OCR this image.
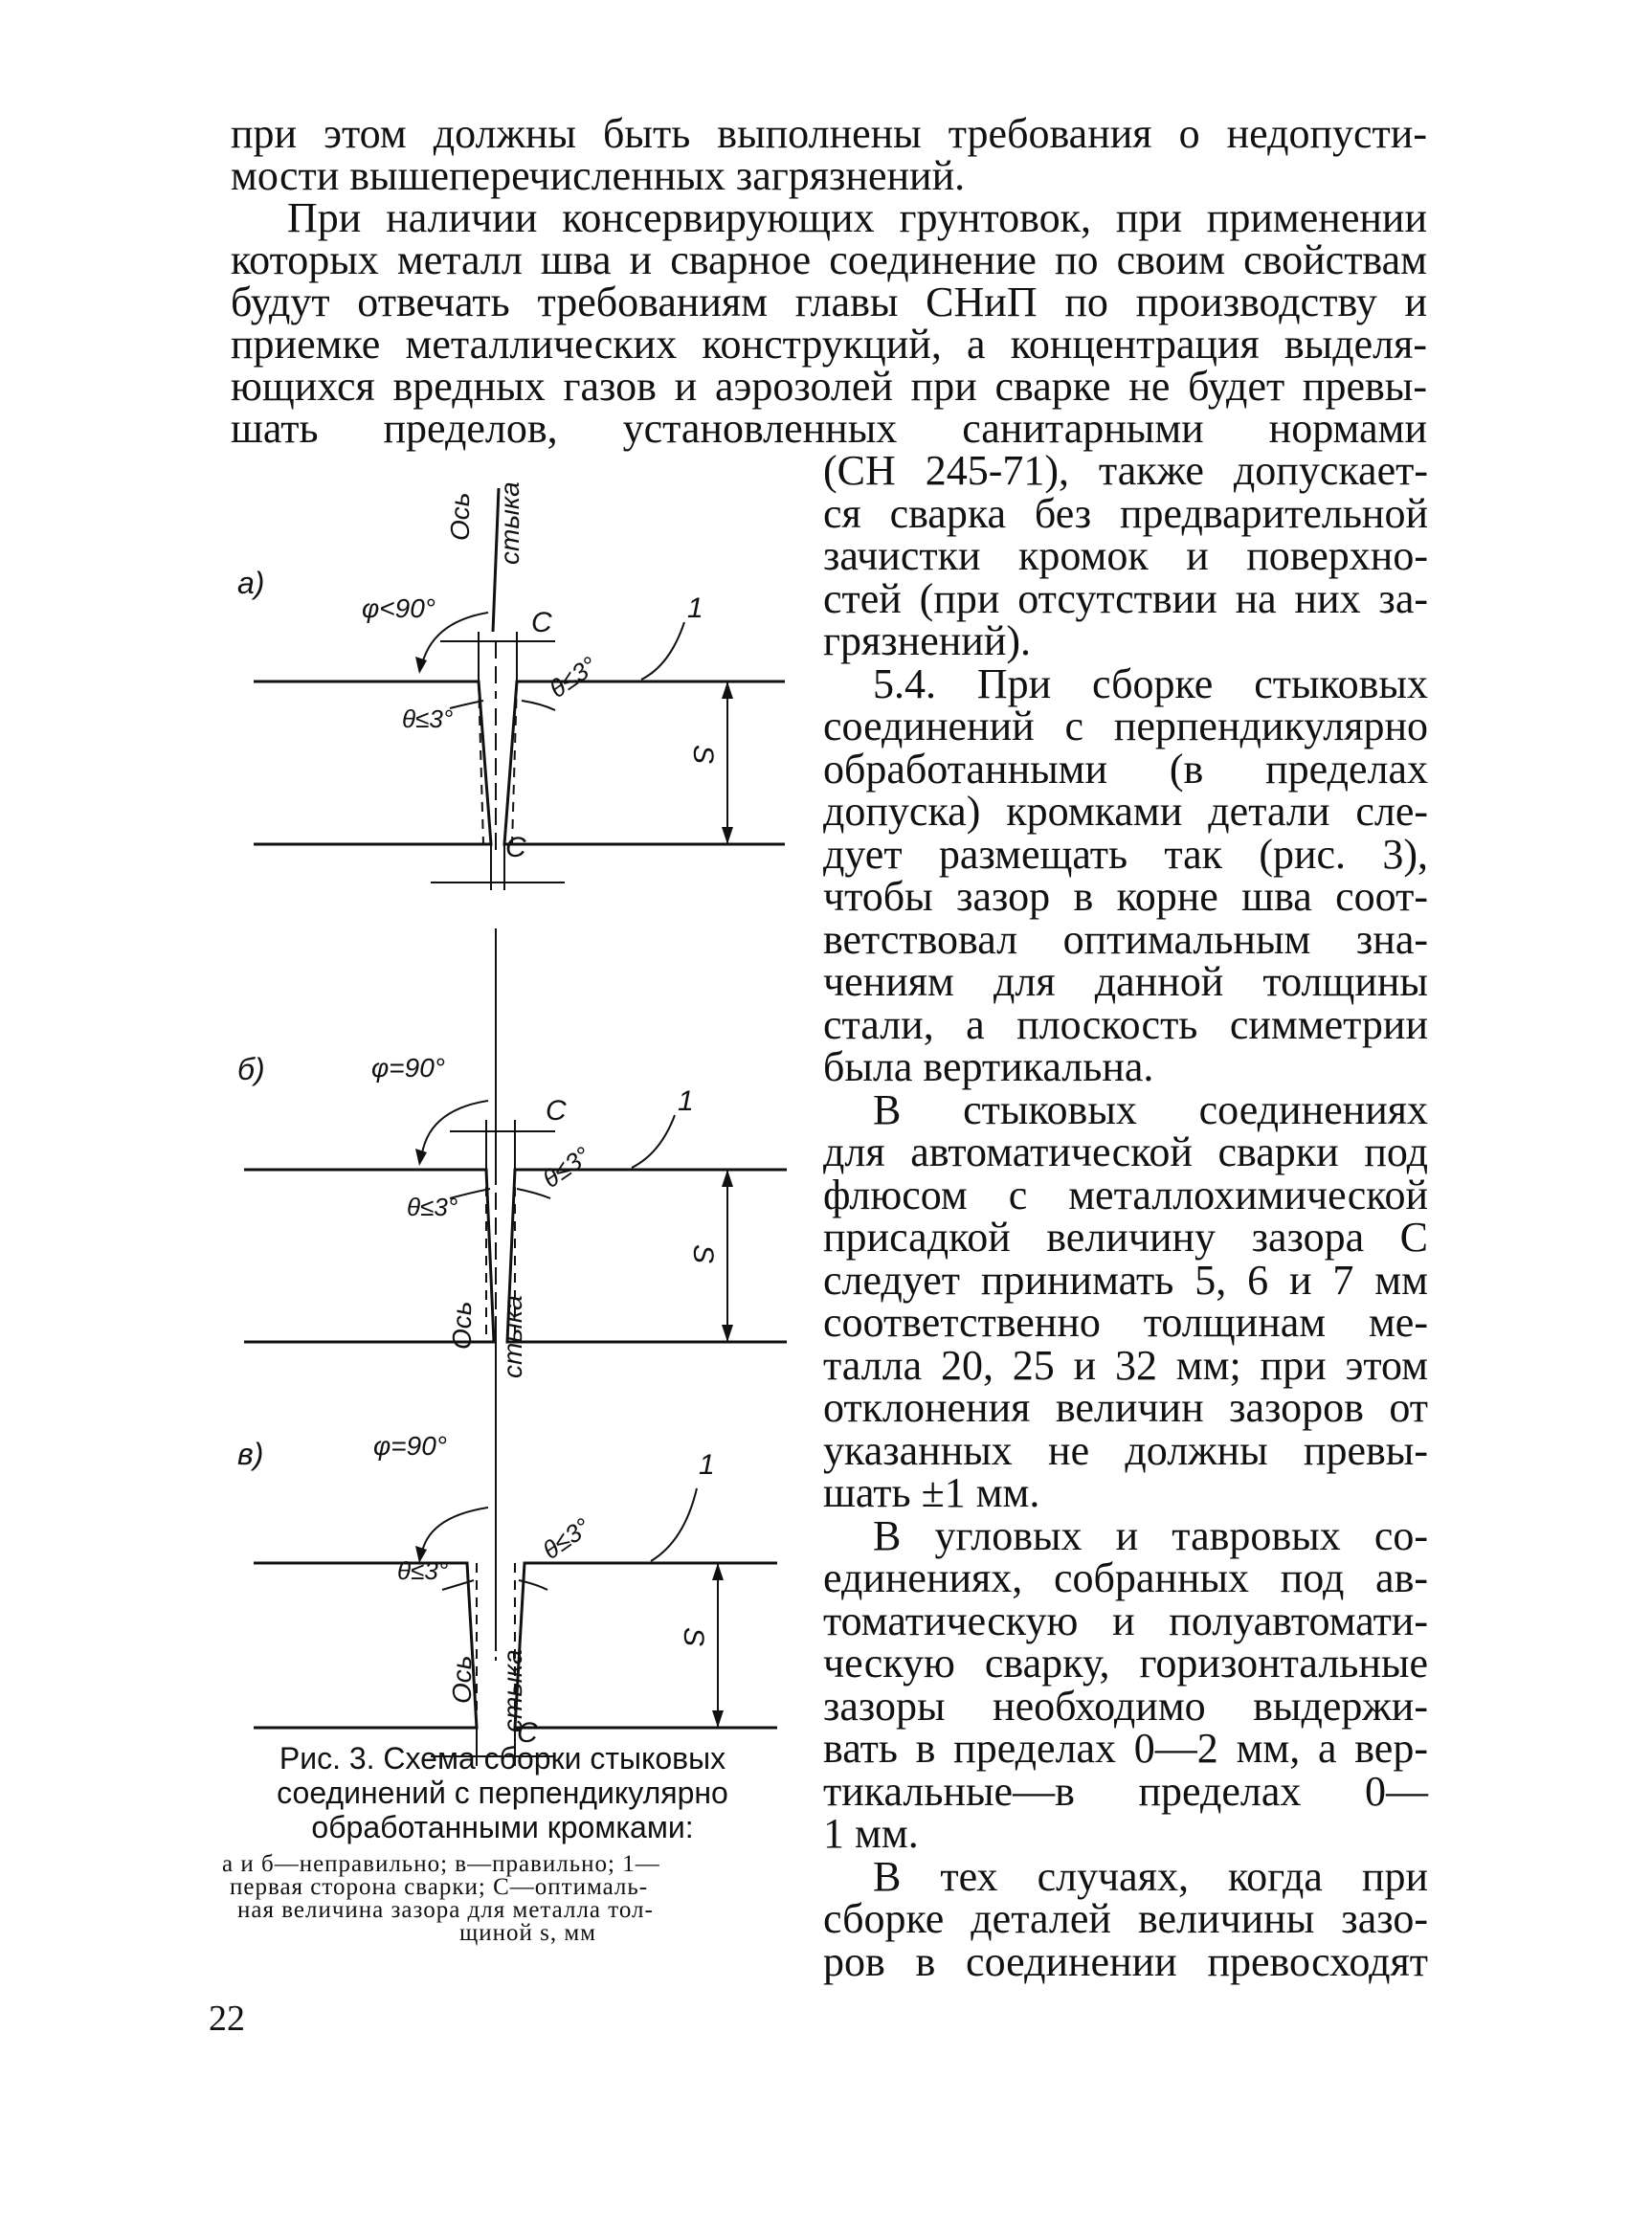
при этом должны быть выполнены требования о недопусти-
мости вышеперечисленных загрязнений.
При наличии консервирующих грунтовок, при применении
которых металл шва и сварное соединение по своим свойствам
будут отвечать требованиям главы СНиП по производству и
приемке металлических конструкций, а концентрация выделя-
ющихся вредных газов и аэрозолей при сварке не будет превы-
шать пределов, установленных санитарными нормами
(СН 245-71), также допускает-
ся сварка без предварительной
зачистки кромок и поверхно-
стей (при отсутствии на них за-
грязнений).
5.4. При сборке стыковых
соединений с перпендикулярно
обработанными (в пределах
допуска) кромками детали сле-
дует размещать так (рис. 3),
чтобы зазор в корне шва соот-
ветствовал оптимальным зна-
чениям для данной толщины
стали, а плоскость симметрии
была вертикальна.
В стыковых соединениях
для автоматической сварки под
флюсом с металлохимической
присадкой величину зазора С
следует принимать 5, 6 и 7 мм
соответственно толщинам ме-
талла 20, 25 и 32 мм; при этом
отклонения величин зазоров от
указанных не должны превы-
шать ±1 мм.
В угловых и тавровых со-
единениях, собранных под ав-
томатическую и полуавтомати-
ческую сварку, горизонтальные
зазоры необходимо выдержи-
вать в пределах 0—2 мм, а вер-
тикальные—в пределах 0—
1 мм.
В тех случаях, когда при
сборке деталей величины зазо-
ров в соединении превосходят
а)
Ось стыка
φ<90°	C	1
θ≤3°
θ≤3°
S
C
б)	φ=90°
C	1
θ≤3°
θ≤3°
S
Ось стыка
в)	φ=90°
1
θ≤3°
θ≤3°
S
C
Ось стыка
Рис. 3. Схема сборки стыковых
соединений с перпендикулярно
обработанными кромками:
а и б—неправильно; в—правильно; 1—
первая сторона сварки; С—оптималь-
ная величина зазора для металла тол-
щиной s, мм
22
